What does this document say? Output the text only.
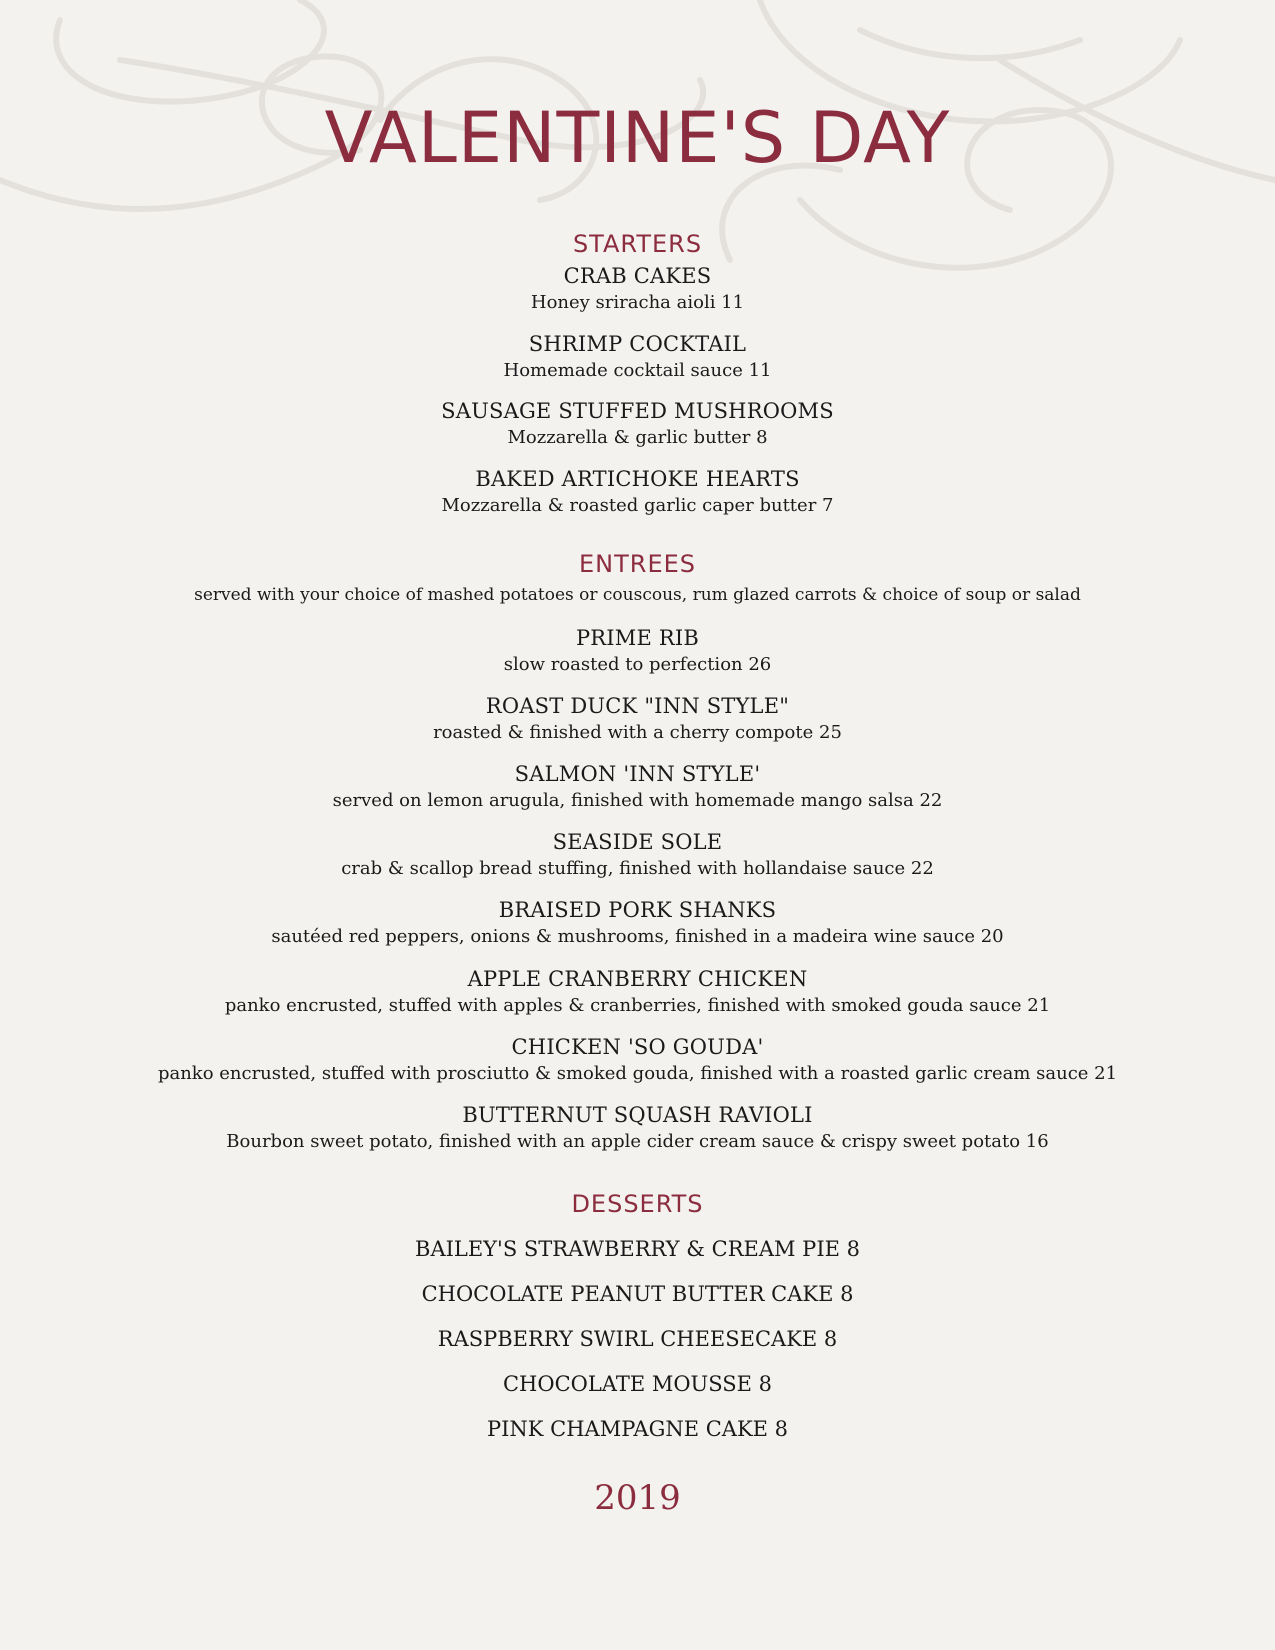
VALENTINE'S DAY
STARTERS
CRAB CAKES
Honey sriracha aioli 11
SHRIMP COCKTAIL
Homemade cocktail sauce 11
SAUSAGE STUFFED MUSHROOMS
Mozzarella & garlic butter 8
BAKED ARTICHOKE HEARTS
Mozzarella & roasted garlic caper butter 7
ENTREES
served with your choice of mashed potatoes or couscous, rum glazed carrots & choice of soup or salad
PRIME RIB
slow roasted to perfection 26
ROAST DUCK "INN STYLE"
roasted & finished with a cherry compote 25
SALMON 'INN STYLE'
served on lemon arugula, finished with homemade mango salsa 22
SEASIDE SOLE
crab & scallop bread stuffing, finished with hollandaise sauce 22
BRAISED PORK SHANKS
sautéed red peppers, onions & mushrooms, finished in a madeira wine sauce 20
APPLE CRANBERRY CHICKEN
panko encrusted, stuffed with apples & cranberries, finished with smoked gouda sauce 21
CHICKEN 'SO GOUDA'
panko encrusted, stuffed with prosciutto & smoked gouda, finished with a roasted garlic cream sauce 21
BUTTERNUT SQUASH RAVIOLI
Bourbon sweet potato, finished with an apple cider cream sauce & crispy sweet potato 16
DESSERTS
BAILEY'S STRAWBERRY & CREAM PIE 8
CHOCOLATE PEANUT BUTTER CAKE 8
RASPBERRY SWIRL CHEESECAKE 8
CHOCOLATE MOUSSE 8
PINK CHAMPAGNE CAKE 8
2019
